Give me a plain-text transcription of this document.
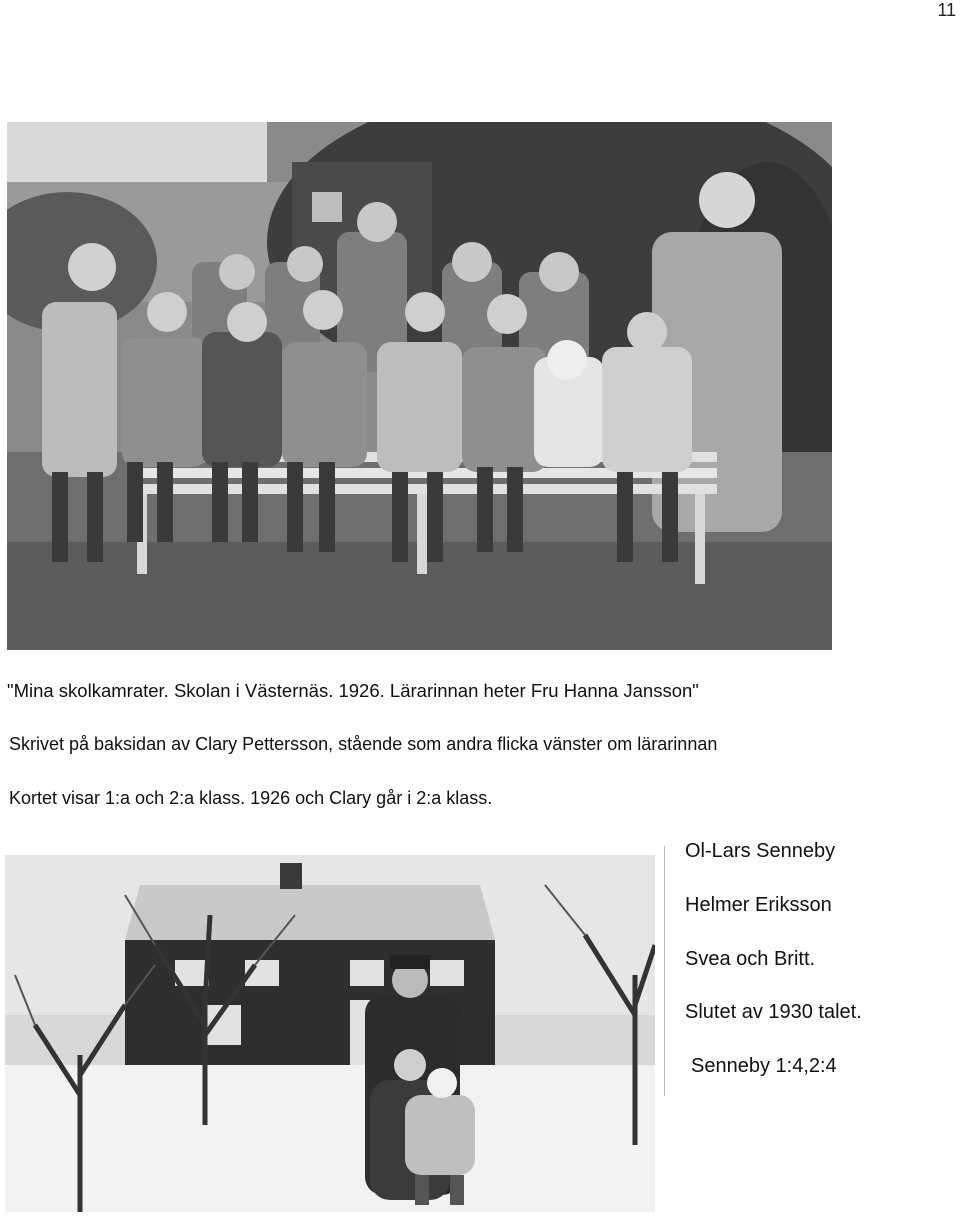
11
"Mina skolkamrater. Skolan i Västernäs. 1926. Lärarinnan heter Fru Hanna Jansson"
Skrivet på baksidan av Clary Pettersson, stående som andra flicka vänster om lärarinnan
Kortet visar 1:a och 2:a klass. 1926 och Clary går i 2:a klass.
Ol-Lars Senneby
Helmer Eriksson
Svea och Britt.
Slutet av 1930 talet.
Senneby 1:4,2:4
